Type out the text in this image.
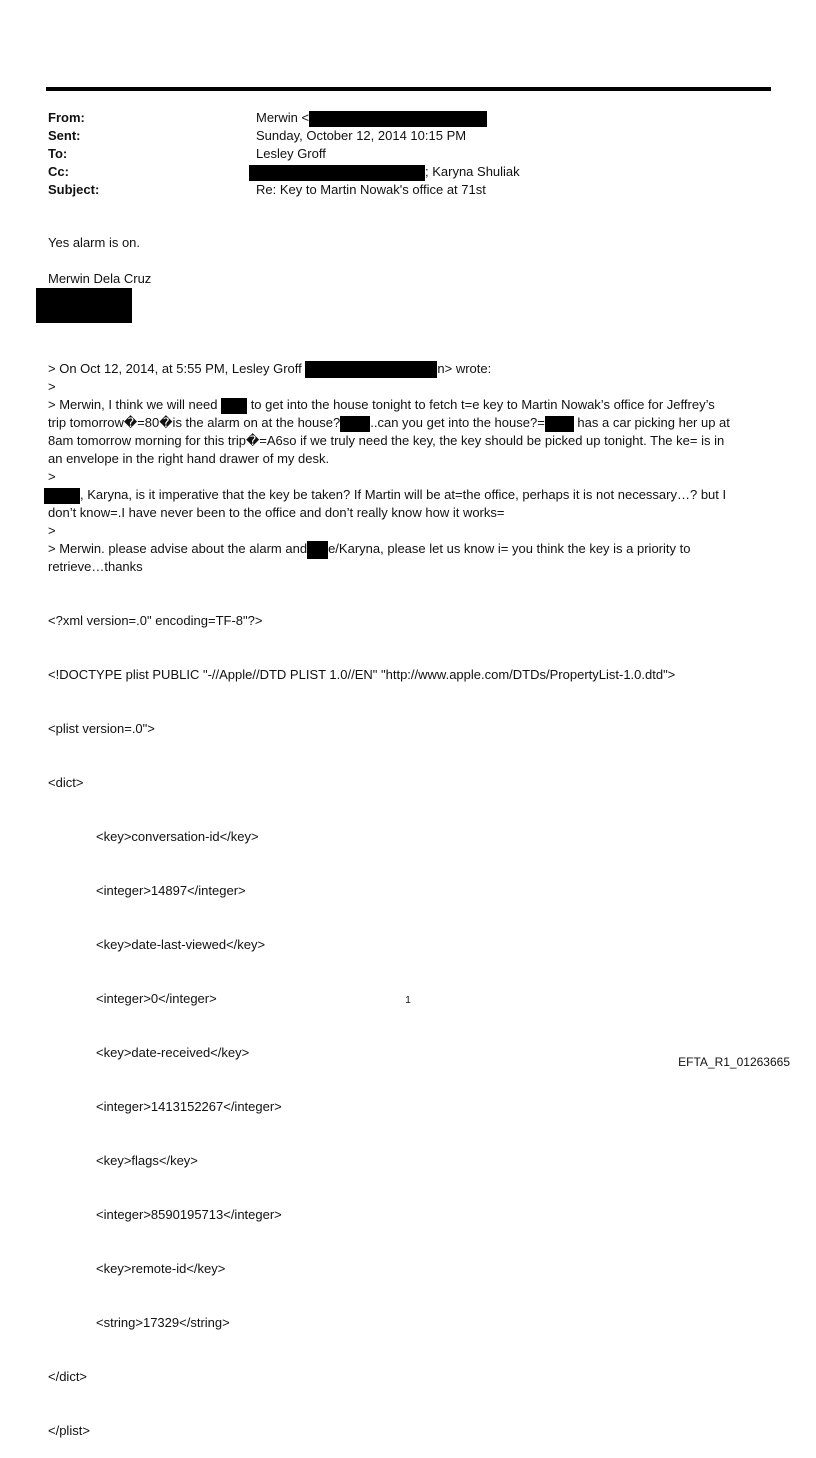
From:	Merwin <
Sent:	Sunday, October 12, 2014 10:15 PM
To:	Lesley Groff
Cc:	; Karyna Shuliak
Subject:	Re: Key to Martin Nowak's office at 71st
Yes alarm is on.
Merwin Dela Cruz
> On Oct 12, 2014, at 5:55 PM, Lesley Groff	n> wrote:
>
> Merwin, I think we will need	to get into the house tonight to fetch t=e key to Martin Nowak’s office for Jeffrey’s
trip tomorrow�=80�is the alarm on at the house? ..can you get into the house?=	has a car picking her up at
8am tomorrow morning for this trip�=A6so if we truly need the key, the key should be picked up tonight. The ke= is in
an envelope in the right hand drawer of my desk.
>
, Karyna, is it imperative that the key be taken? If Martin will be at=the office, perhaps it is not necessary…? but I
don’t know=.I have never been to the office and don’t really know how it works=
>
> Merwin. please advise about the alarm and e/Karyna, please let us know i= you think the key is a priority to
retrieve…thanks

<?xml version=.0" encoding=TF-8"?>

<!DOCTYPE plist PUBLIC "-//Apple//DTD PLIST 1.0//EN" "http://www.apple.com/DTDs/PropertyList-1.0.dtd">

<plist version=.0">

<dict>

<key>conversation-id</key>

<integer>14897</integer>

<key>date-last-viewed</key>

<integer>0</integer>

<key>date-received</key>

<integer>1413152267</integer>

<key>flags</key>

<integer>8590195713</integer>

<key>remote-id</key>

<string>17329</string>

</dict>

</plist>

1
EFTA_R1_01263665
